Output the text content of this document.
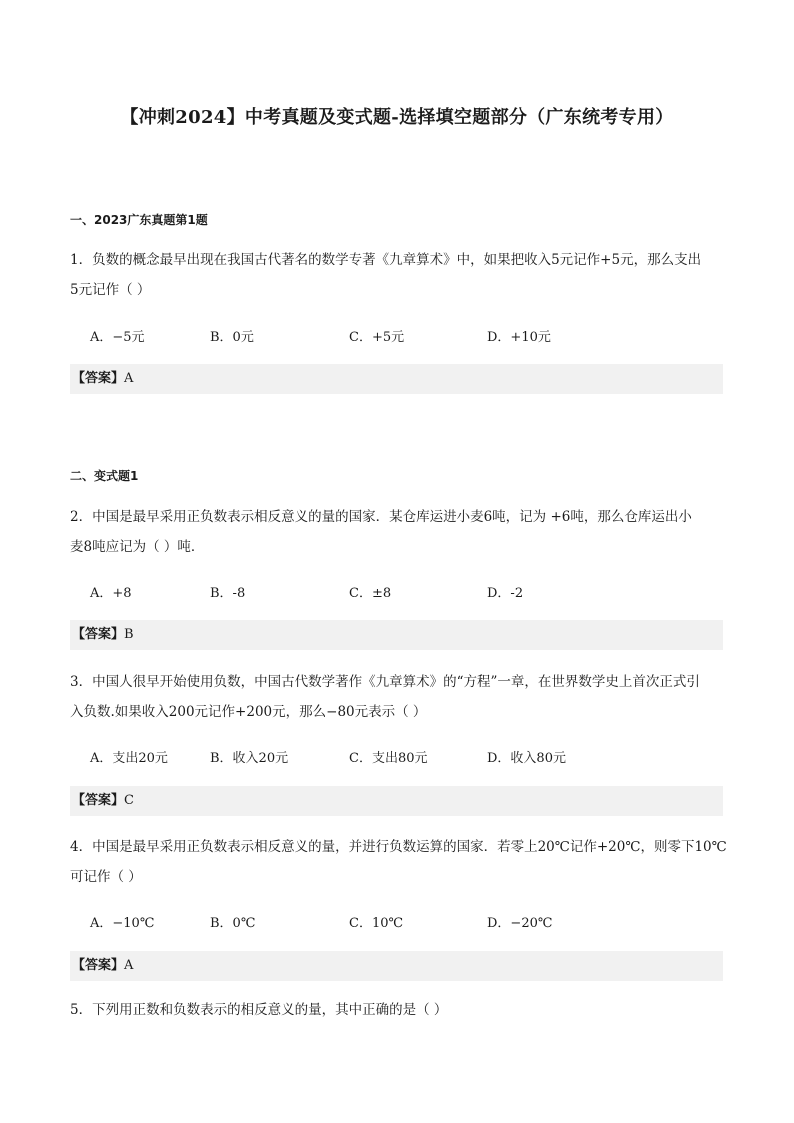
【冲刺2024】中考真题及变式题-选择填空题部分（广东统考专用）
一、2023广东真题第1题
1．负数的概念最早出现在我国古代著名的数学专著《九章算术》中，如果把收入5元记作+5元，那么支出
5元记作（ ）
A．−5元	B．0元	C．+5元	D．+10元
【答案】A
二、变式题1
2．中国是最早采用正负数表示相反意义的量的国家．某仓库运进小麦6吨，记为 +6吨，那么仓库运出小
麦8吨应记为（ ）吨．
A．+8	B．-8	C．±8	D．-2
【答案】B
3．中国人很早开始使用负数，中国古代数学著作《九章算术》的“方程”一章，在世界数学史上首次正式引
入负数.如果收入200元记作+200元，那么−80元表示（ ）
A．支出20元	B．收入20元	C．支出80元	D．收入80元
【答案】C
4．中国是最早采用正负数表示相反意义的量，并进行负数运算的国家．若零上20℃记作+20℃，则零下10℃
可记作（ ）
A．−10℃	B．0℃	C．10℃	D．−20℃
【答案】A
5．下列用正数和负数表示的相反意义的量，其中正确的是（ ）
